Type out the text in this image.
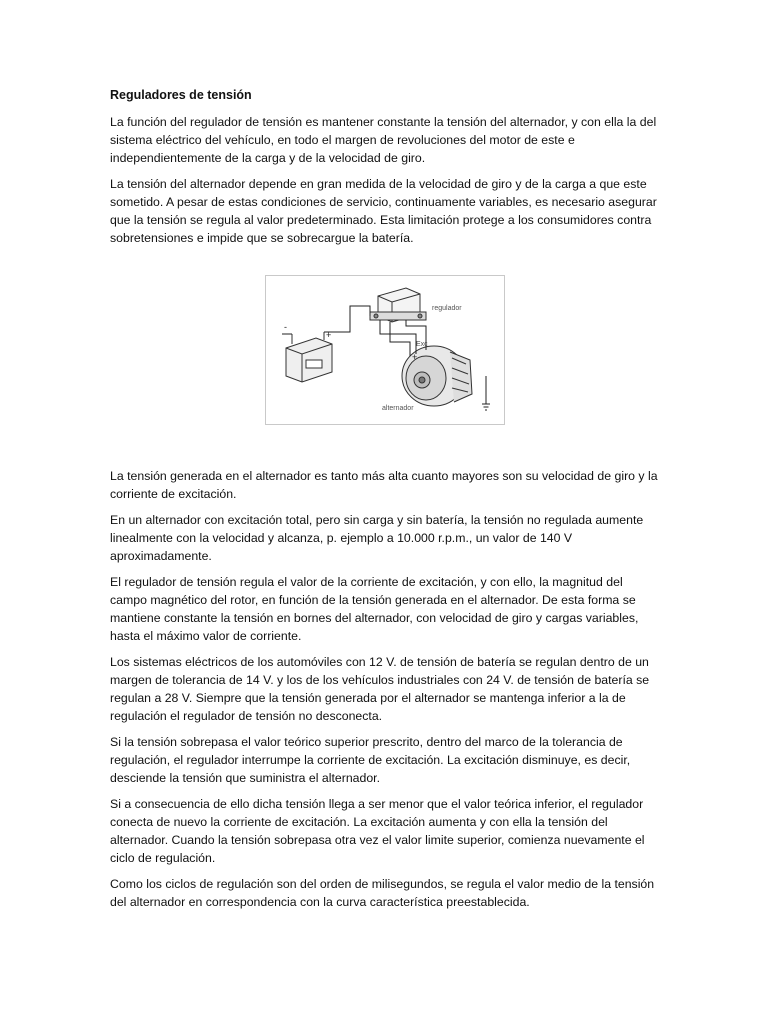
Reguladores de tensión

La función del regulador de tensión es mantener constante la tensión del alternador, y con ella la del sistema eléctrico del vehículo, en todo el margen de revoluciones del motor de este e independientemente de la carga y de la velocidad de giro.

La tensión del alternador depende en gran medida de la velocidad de giro y de la carga a que este sometido. A pesar de estas condiciones de servicio, continuamente variables, es necesario asegurar que la tensión se regula al valor predeterminado. Esta limitación protege a los consumidores contra sobretensiones e impide que se sobrecargue la batería.

regulador
Exc
alternador
+
-
+

La tensión generada en el alternador es tanto más alta cuanto mayores son su velocidad de giro y la corriente de excitación.

En un alternador con excitación total, pero sin carga y sin batería, la tensión no regulada aumente linealmente con la velocidad y alcanza, p. ejemplo a 10.000 r.p.m., un valor de 140 V aproximadamente.

El regulador de tensión regula el valor de la corriente de excitación, y con ello, la magnitud del campo magnético del rotor, en función de la tensión generada en el alternador. De esta forma se mantiene constante la tensión en bornes del alternador, con velocidad de giro y cargas variables, hasta el máximo valor de corriente.

Los sistemas eléctricos de los automóviles con 12 V. de tensión de batería se regulan dentro de un margen de tolerancia de 14 V. y los de los vehículos industriales con 24 V. de tensión de batería se regulan a 28 V. Siempre que la tensión generada por el alternador se mantenga inferior a la de regulación el regulador de tensión no desconecta.

Si la tensión sobrepasa el valor teórico superior prescrito, dentro del marco de la tolerancia de regulación, el regulador interrumpe la corriente de excitación. La excitación disminuye, es decir, desciende la tensión que suministra el alternador.

Si a consecuencia de ello dicha tensión llega a ser menor que el valor teórica inferior, el regulador conecta de nuevo la corriente de excitación. La excitación aumenta y con ella la tensión del alternador. Cuando la tensión sobrepasa otra vez el valor limite superior, comienza nuevamente el ciclo de regulación.

Como los ciclos de regulación son del orden de milisegundos, se regula el valor medio de la tensión del alternador en correspondencia con la curva característica preestablecida.
